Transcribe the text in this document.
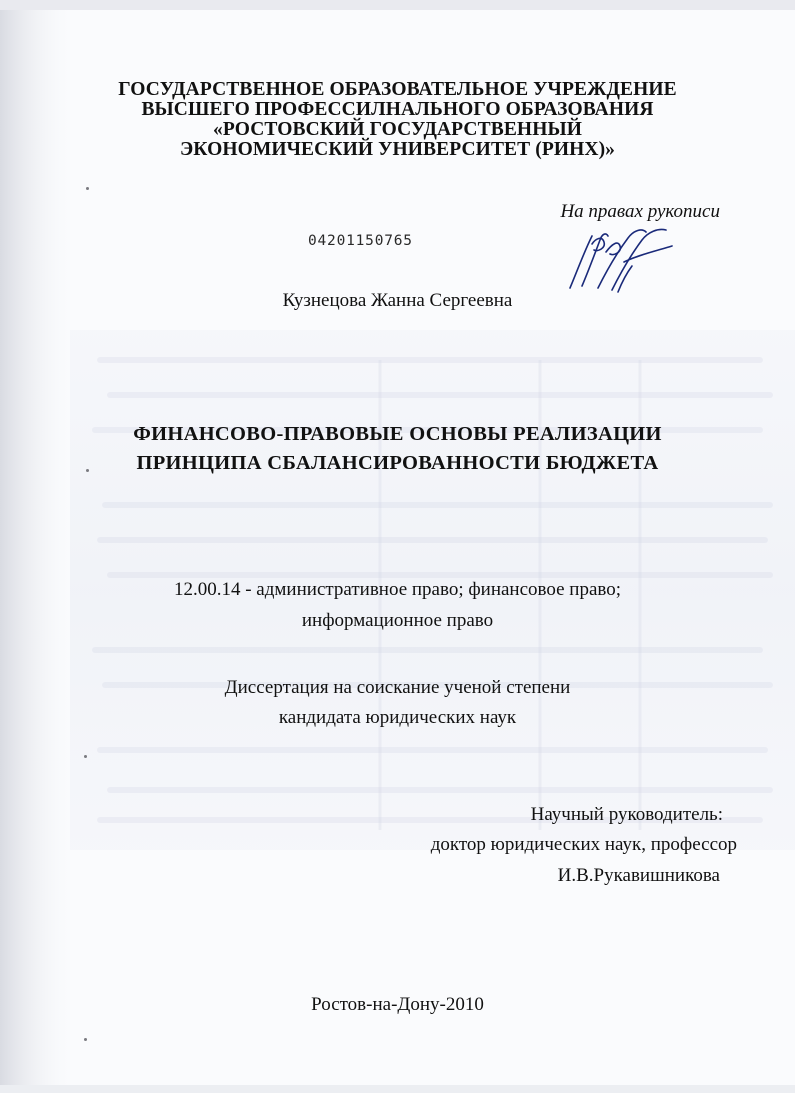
ГОСУДАРСТВЕННОЕ ОБРАЗОВАТЕЛЬНОЕ УЧРЕЖДЕНИЕ
ВЫСШЕГО ПРОФЕССИЛНАЛЬНОГО ОБРАЗОВАНИЯ
«РОСТОВСКИЙ ГОСУДАРСТВЕННЫЙ
ЭКОНОМИЧЕСКИЙ УНИВЕРСИТЕТ (РИНХ)»
На правах рукописи
04201150765
Кузнецова Жанна Сергеевна
ФИНАНСОВО-ПРАВОВЫЕ ОСНОВЫ РЕАЛИЗАЦИИ
ПРИНЦИПА СБАЛАНСИРОВАННОСТИ БЮДЖЕТА
12.00.14 - административное право; финансовое право;
информационное право
Диссертация на соискание ученой степени
кандидата юридических наук
Научный руководитель:
доктор юридических наук, профессор
И.В.Рукавишникова
Ростов-на-Дону-2010
